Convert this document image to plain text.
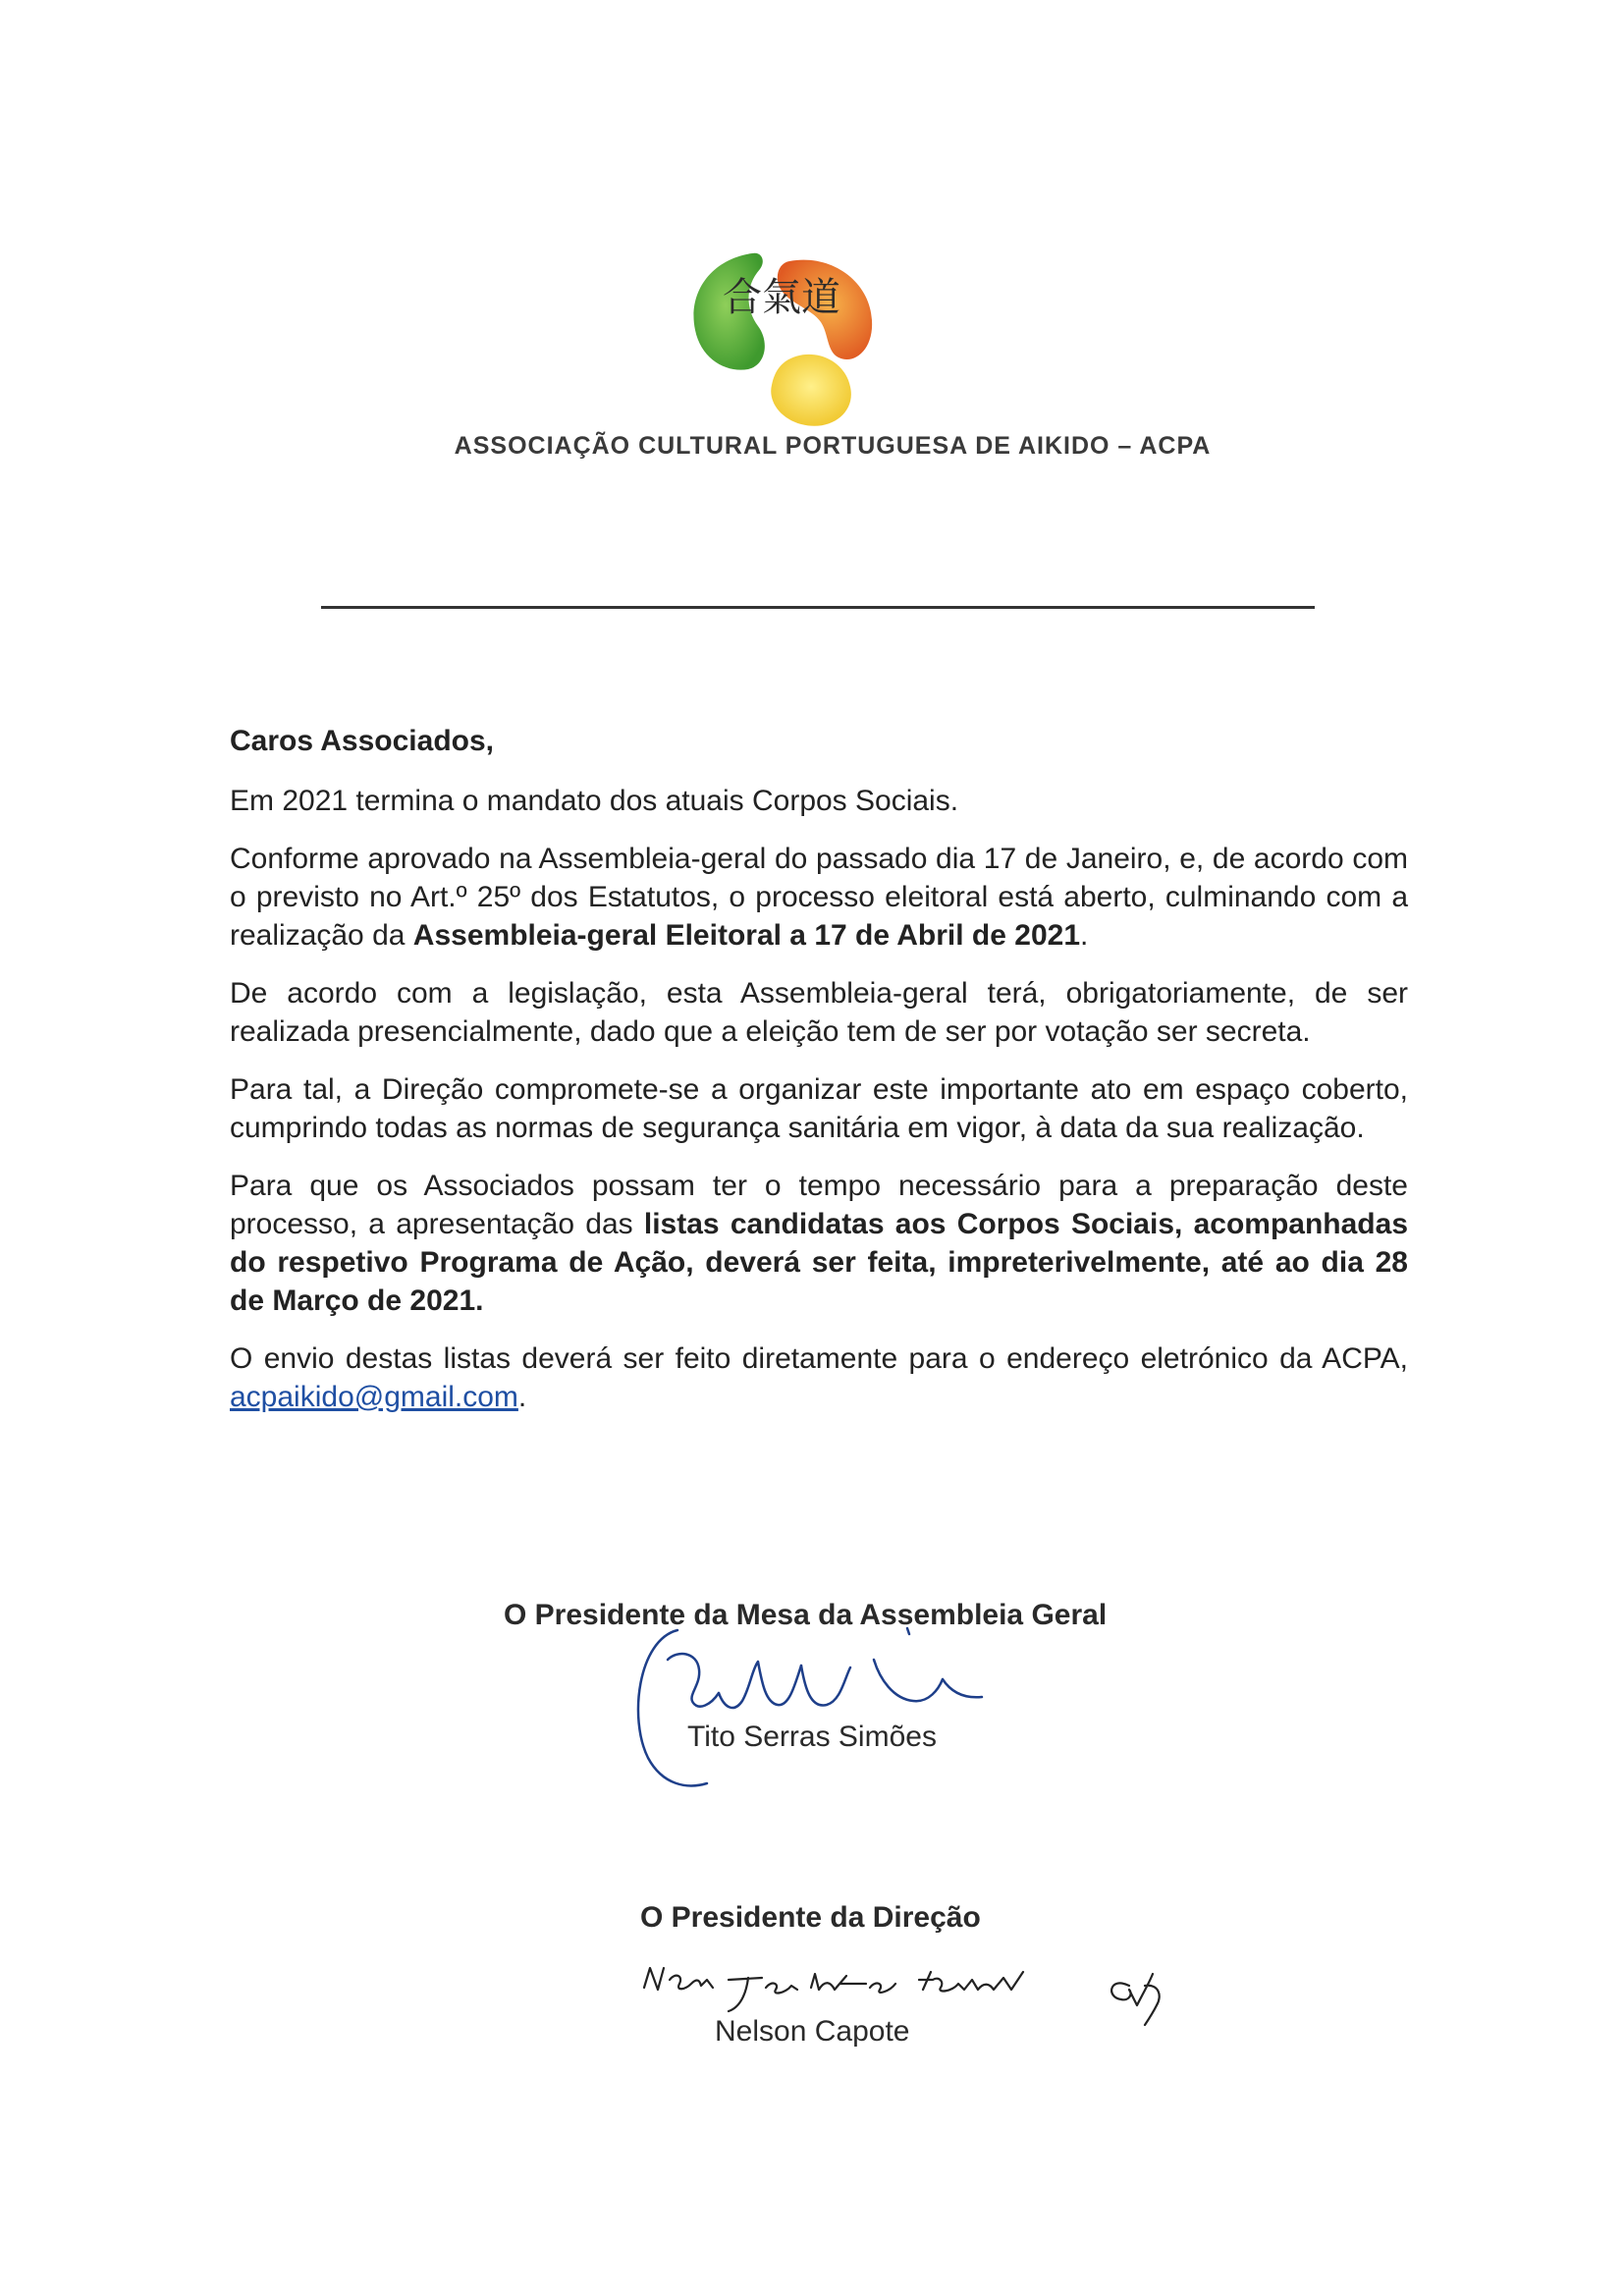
合氣道
ASSOCIAÇÃO CULTURAL PORTUGUESA DE AIKIDO – ACPA

Caros Associados,

Em 2021 termina o mandato dos atuais Corpos Sociais.

Conforme aprovado na Assembleia-geral do passado dia 17 de Janeiro, e, de acordo com o previsto no Art.º 25º dos Estatutos, o processo eleitoral está aberto, culminando com a realização da Assembleia-geral Eleitoral a 17 de Abril de 2021.

De acordo com a legislação, esta Assembleia-geral terá, obrigatoriamente, de ser realizada presencialmente, dado que a eleição tem de ser por votação ser secreta.

Para tal, a Direção compromete-se a organizar este importante ato em espaço coberto, cumprindo todas as normas de segurança sanitária em vigor, à data da sua realização.

Para que os Associados possam ter o tempo necessário para a preparação deste processo, a apresentação das listas candidatas aos Corpos Sociais, acompanhadas do respetivo Programa de Ação, deverá ser feita, impreterivelmente, até ao dia 28 de Março de 2021.

O envio destas listas deverá ser feito diretamente para o endereço eletrónico da ACPA, acpaikido@gmail.com.

O Presidente da Mesa da Assembleia Geral
Tito Serras Simões
O Presidente da Direção
Nelson Capote
